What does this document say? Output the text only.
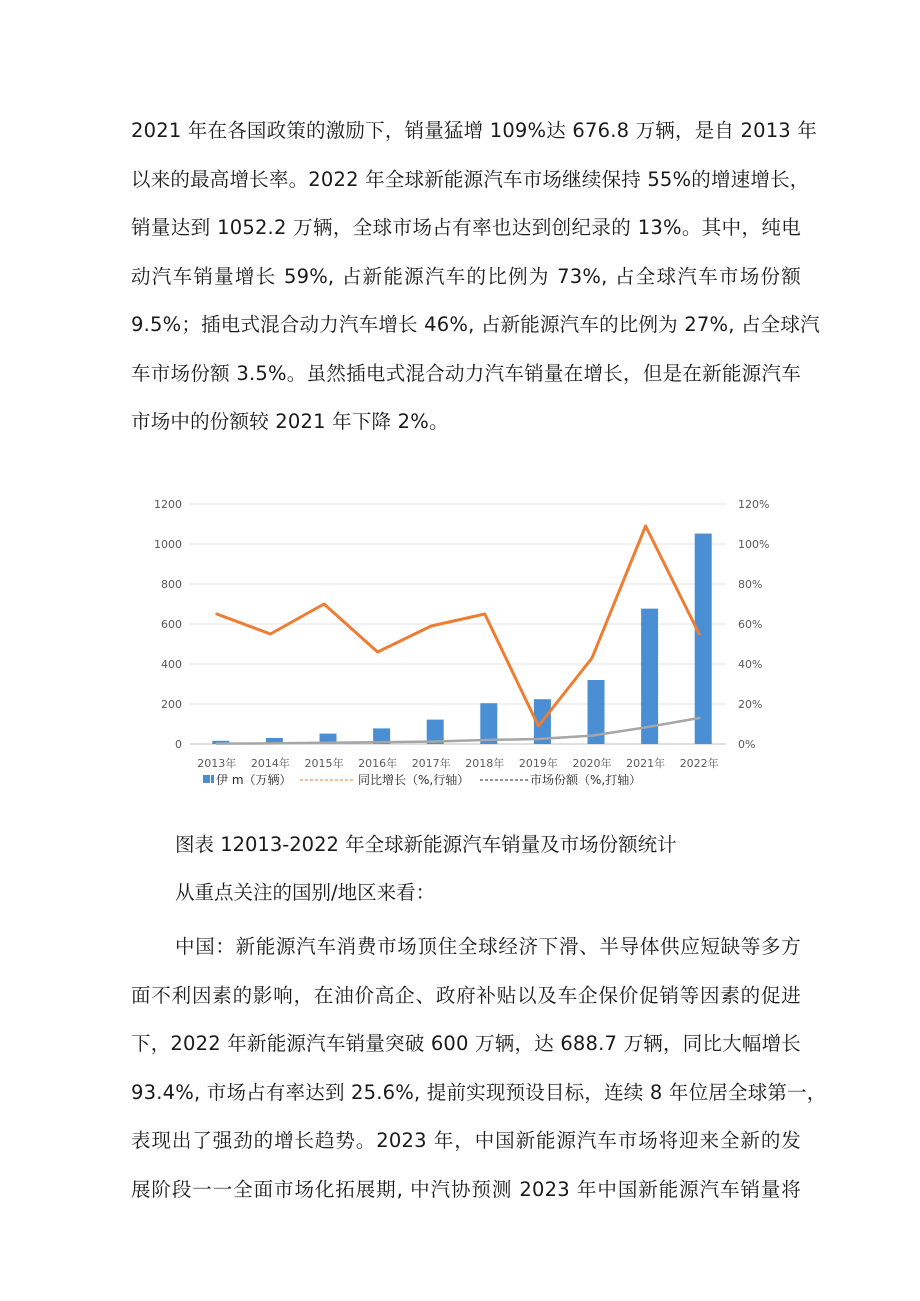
2021 年在各国政策的激励下，销量猛增 109%达 676.8 万辆，是自 2013 年
以来的最高增长率。2022 年全球新能源汽车市场继续保持 55%的增速增长，
销量达到 1052.2 万辆，全球市场占有率也达到创纪录的 13%。其中，纯电
动汽车销量增长 59%, 占新能源汽车的比例为 73%, 占全球汽车市场份额
9.5%；插电式混合动力汽车增长 46%, 占新能源汽车的比例为 27%, 占全球汽
车市场份额 3.5%。虽然插电式混合动力汽车销量在增长，但是在新能源汽车
市场中的份额较 2021 年下降 2%。
0
200
400
600
800
1000
1200
0%
20%
40%
60%
80%
100%
120%
2013年 2014年 2015年 2016年 2017年 2018年 2019年 2020年 2021年 2022年
伊 m（万辆）	同比增长（%,行轴）	市场份额（%,打轴）

图表 12013-2022 年全球新能源汽车销量及市场份额统计

从重点关注的国别/地区来看：

中国：新能源汽车消费市场顶住全球经济下滑、半导体供应短缺等多方
面不利因素的影响，在油价高企、政府补贴以及车企保价促销等因素的促进
下，2022 年新能源汽车销量突破 600 万辆，达 688.7 万辆，同比大幅增长
93.4%, 市场占有率达到 25.6%, 提前实现预设目标，连续 8 年位居全球第一，
表现出了强劲的增长趋势。2023 年，中国新能源汽车市场将迎来全新的发
展阶段一一全面市场化拓展期, 中汽协预测 2023 年中国新能源汽车销量将
